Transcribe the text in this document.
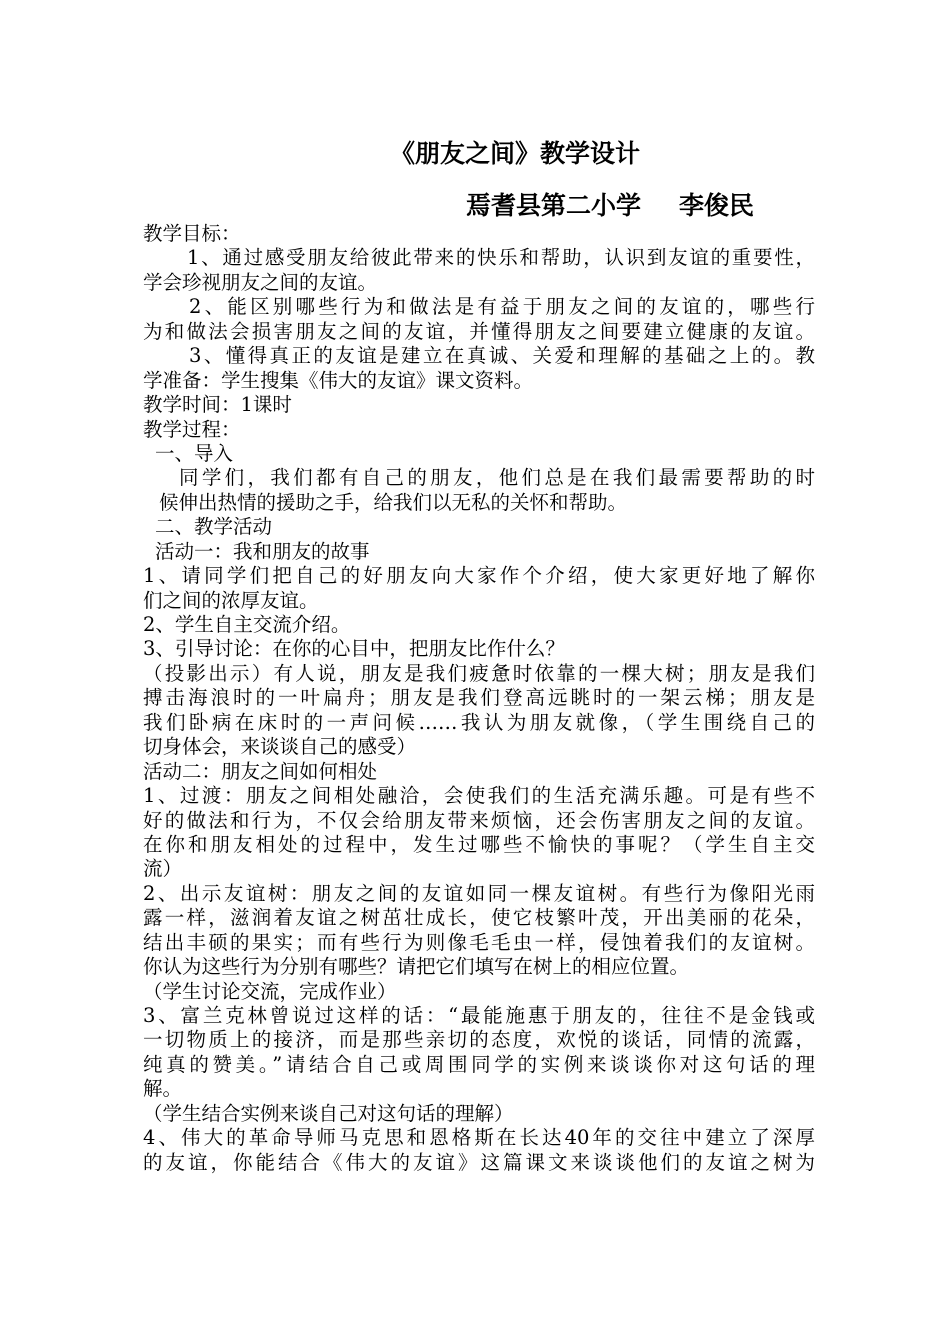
《朋友之间》教学设计
焉耆县第二小学 李俊民
教学目标：
1、通过感受朋友给彼此带来的快乐和帮助，认识到友谊的重要性，
学会珍视朋友之间的友谊。
2、能区别哪些行为和做法是有益于朋友之间的友谊的，哪些行
为和做法会损害朋友之间的友谊，并懂得朋友之间要建立健康的友谊。
3、懂得真正的友谊是建立在真诚、关爱和理解的基础之上的。教
学准备：学生搜集《伟大的友谊》课文资料。
教学时间：1课时
教学过程：
一、导入
同学们，我们都有自己的朋友，他们总是在我们最需要帮助的时
候伸出热情的援助之手，给我们以无私的关怀和帮助。
二、教学活动
活动一：我和朋友的故事
1、请同学们把自己的好朋友向大家作个介绍，使大家更好地了解你
们之间的浓厚友谊。
2、学生自主交流介绍。
3、引导讨论：在你的心目中，把朋友比作什么？
（投影出示）有人说，朋友是我们疲惫时依靠的一棵大树；朋友是我们
搏击海浪时的一叶扁舟；朋友是我们登高远眺时的一架云梯；朋友是
我们卧病在床时的一声问候……我认为朋友就像，（学生围绕自己的
切身体会，来谈谈自己的感受）
活动二：朋友之间如何相处
1、过渡：朋友之间相处融洽，会使我们的生活充满乐趣。可是有些不
好的做法和行为，不仅会给朋友带来烦恼，还会伤害朋友之间的友谊。
在你和朋友相处的过程中，发生过哪些不愉快的事呢？（学生自主交
流）
2、出示友谊树：朋友之间的友谊如同一棵友谊树。有些行为像阳光雨
露一样，滋润着友谊之树茁壮成长，使它枝繁叶茂，开出美丽的花朵，
结出丰硕的果实；而有些行为则像毛毛虫一样，侵蚀着我们的友谊树。
你认为这些行为分别有哪些？请把它们填写在树上的相应位置。
（学生讨论交流，完成作业）
3、富兰克林曾说过这样的话：“最能施惠于朋友的，往往不是金钱或
一切物质上的接济，而是那些亲切的态度，欢悦的谈话，同情的流露，
纯真的赞美。”请结合自己或周围同学的实例来谈谈你对这句话的理
解。
（学生结合实例来谈自己对这句话的理解）
4、伟大的革命导师马克思和恩格斯在长达40年的交往中建立了深厚
的友谊，你能结合《伟大的友谊》这篇课文来谈谈他们的友谊之树为
